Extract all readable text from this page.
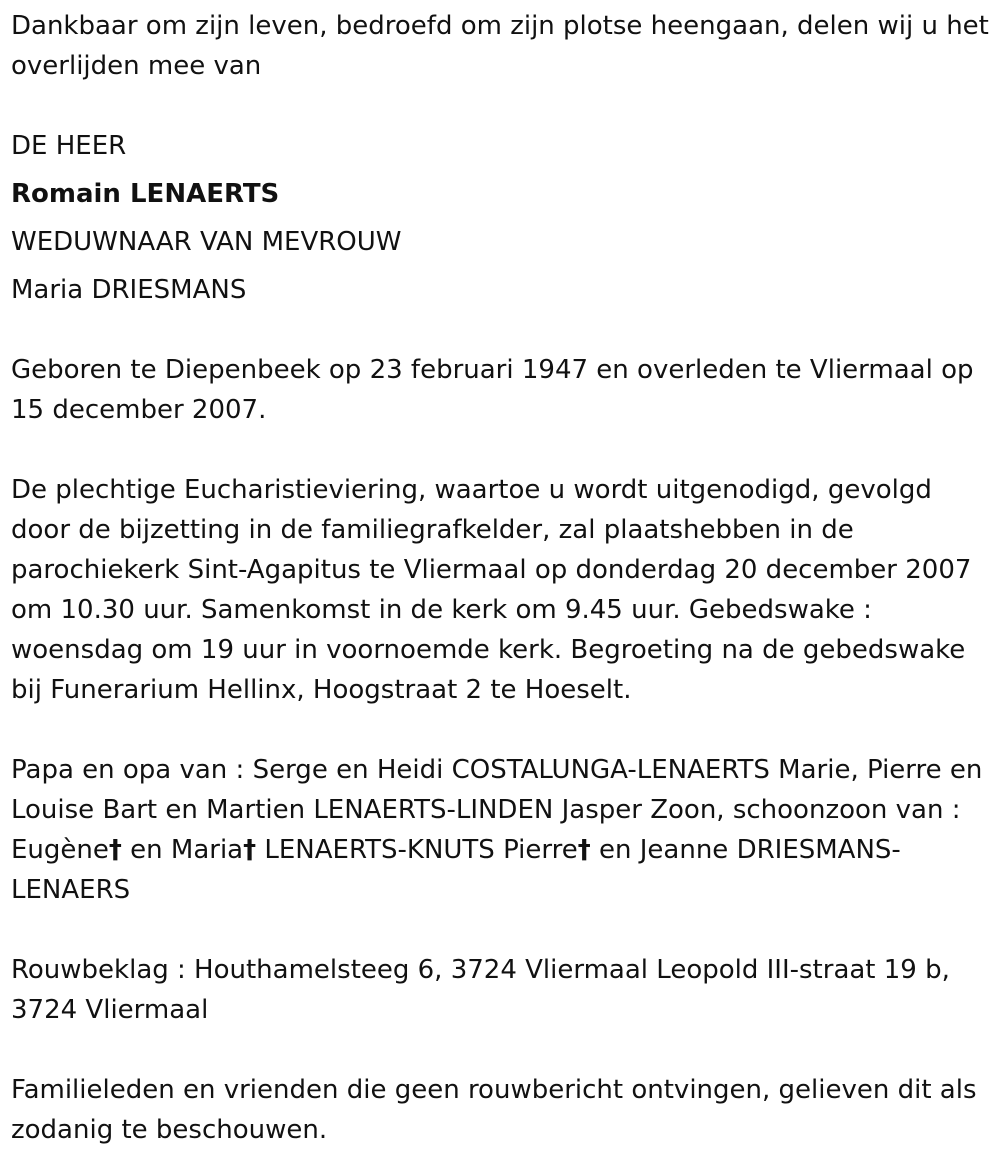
Dankbaar om zijn leven, bedroefd om zijn plotse heengaan, delen wij u het overlijden mee van

DE HEER

Romain LENAERTS

WEDUWNAAR VAN MEVROUW

Maria DRIESMANS

Geboren te Diepenbeek op 23 februari 1947 en overleden te Vliermaal op 15 december 2007.

De plechtige Eucharistieviering, waartoe u wordt uitgenodigd, gevolgd door de bijzetting in de familiegrafkelder, zal plaatshebben in de parochiekerk Sint-Agapitus te Vliermaal op donderdag 20 december 2007 om 10.30 uur. Samenkomst in de kerk om 9.45 uur. Gebedswake : woensdag om 19 uur in voornoemde kerk. Begroeting na de gebedswake bij Funerarium Hellinx, Hoogstraat 2 te Hoeselt.

Papa en opa van : Serge en Heidi COSTALUNGA-LENAERTS Marie, Pierre en Louise Bart en Martien LENAERTS-LINDEN Jasper Zoon, schoonzoon van : Eugène† en Maria† LENAERTS-KNUTS Pierre† en Jeanne DRIESMANS-LENAERS

Rouwbeklag : Houthamelsteeg 6, 3724 Vliermaal Leopold III-straat 19 b, 3724 Vliermaal

Familieleden en vrienden die geen rouwbericht ontvingen, gelieven dit als zodanig te beschouwen.
